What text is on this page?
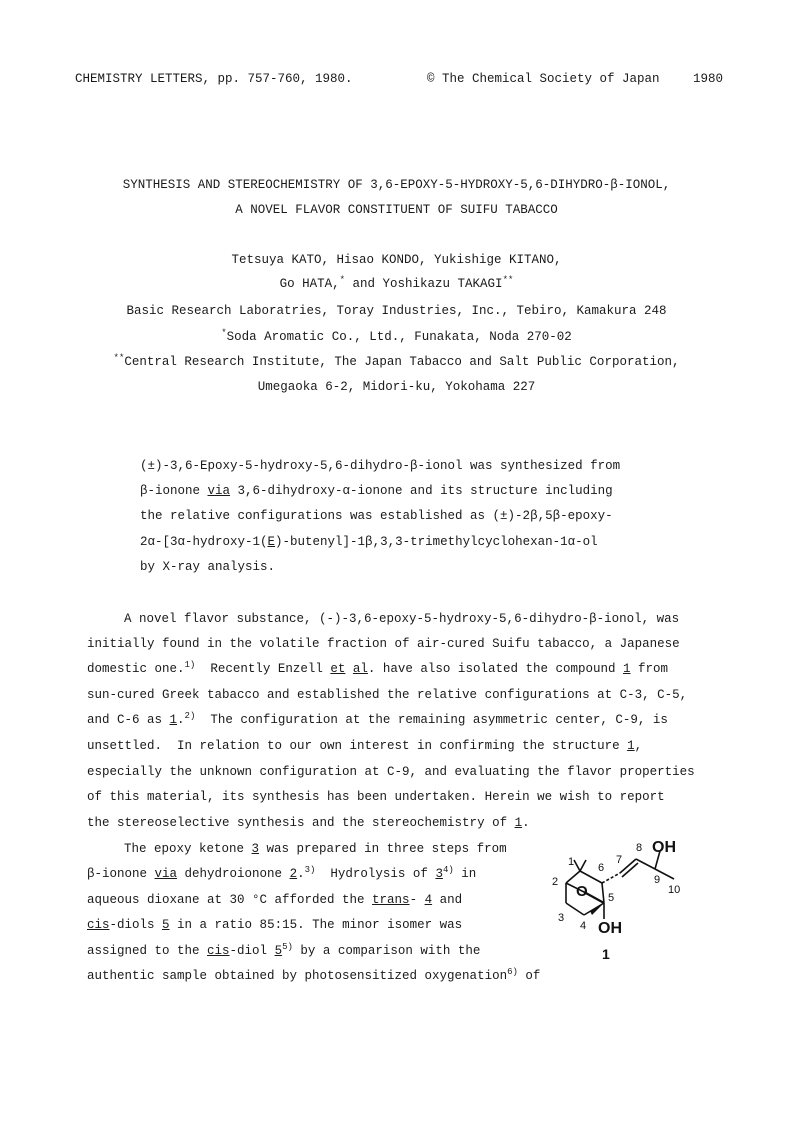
CHEMISTRY LETTERS, pp. 757-760, 1980.	© The Chemical Society of Japan	1980
SYNTHESIS AND STEREOCHEMISTRY OF 3,6-EPOXY-5-HYDROXY-5,6-DIHYDRO-β-IONOL,
A NOVEL FLAVOR CONSTITUENT OF SUIFU TABACCO
Tetsuya KATO, Hisao KONDO, Yukishige KITANO,
Go HATA,* and Yoshikazu TAKAGI**
Basic Research Laboratries, Toray Industries, Inc., Tebiro, Kamakura 248
*Soda Aromatic Co., Ltd., Funakata, Noda 270-02
**Central Research Institute, The Japan Tabacco and Salt Public Corporation,
Umegaoka 6-2, Midori-ku, Yokohama 227
(±)-3,6-Epoxy-5-hydroxy-5,6-dihydro-β-ionol was synthesized from
β-ionone via 3,6-dihydroxy-α-ionone and its structure including
the relative configurations was established as (±)-2β,5β-epoxy-
2α-[3α-hydroxy-1(E)-butenyl]-1β,3,3-trimethylcyclohexan-1α-ol
by X-ray analysis.
A novel flavor substance, (-)-3,6-epoxy-5-hydroxy-5,6-dihydro-β-ionol, was
initially found in the volatile fraction of air-cured Suifu tabacco, a Japanese
domestic one.$^{1)}$  Recently Enzell et al. have also isolated the compound 1 from
sun-cured Greek tabacco and established the relative configurations at C-3, C-5,
and C-6 as 1.$^{2)}$  The configuration at the remaining asymmetric center, C-9, is
unsettled.  In relation to our own interest in confirming the structure 1,
especially the unknown configuration at C-9, and evaluating the flavor properties
of this material, its synthesis has been undertaken. Herein we wish to report
the stereoselective synthesis and the stereochemistry of 1.
The epoxy ketone 3 was prepared in three steps from
β-ionone via dehydroionone 2.$^{3)}$  Hydrolysis of 3$^{4)}$ in
aqueous dioxane at 30 °C afforded the trans- 4 and
cis-diols 5 in a ratio 85:15. The minor isomer was
assigned to the cis-diol 5$^{5)}$ by a comparison with the
authentic sample obtained by photosensitized oxygenation$^{6)}$ of
O
OH
OH
1
2
3
4
5
6
7
8
9
10
1
